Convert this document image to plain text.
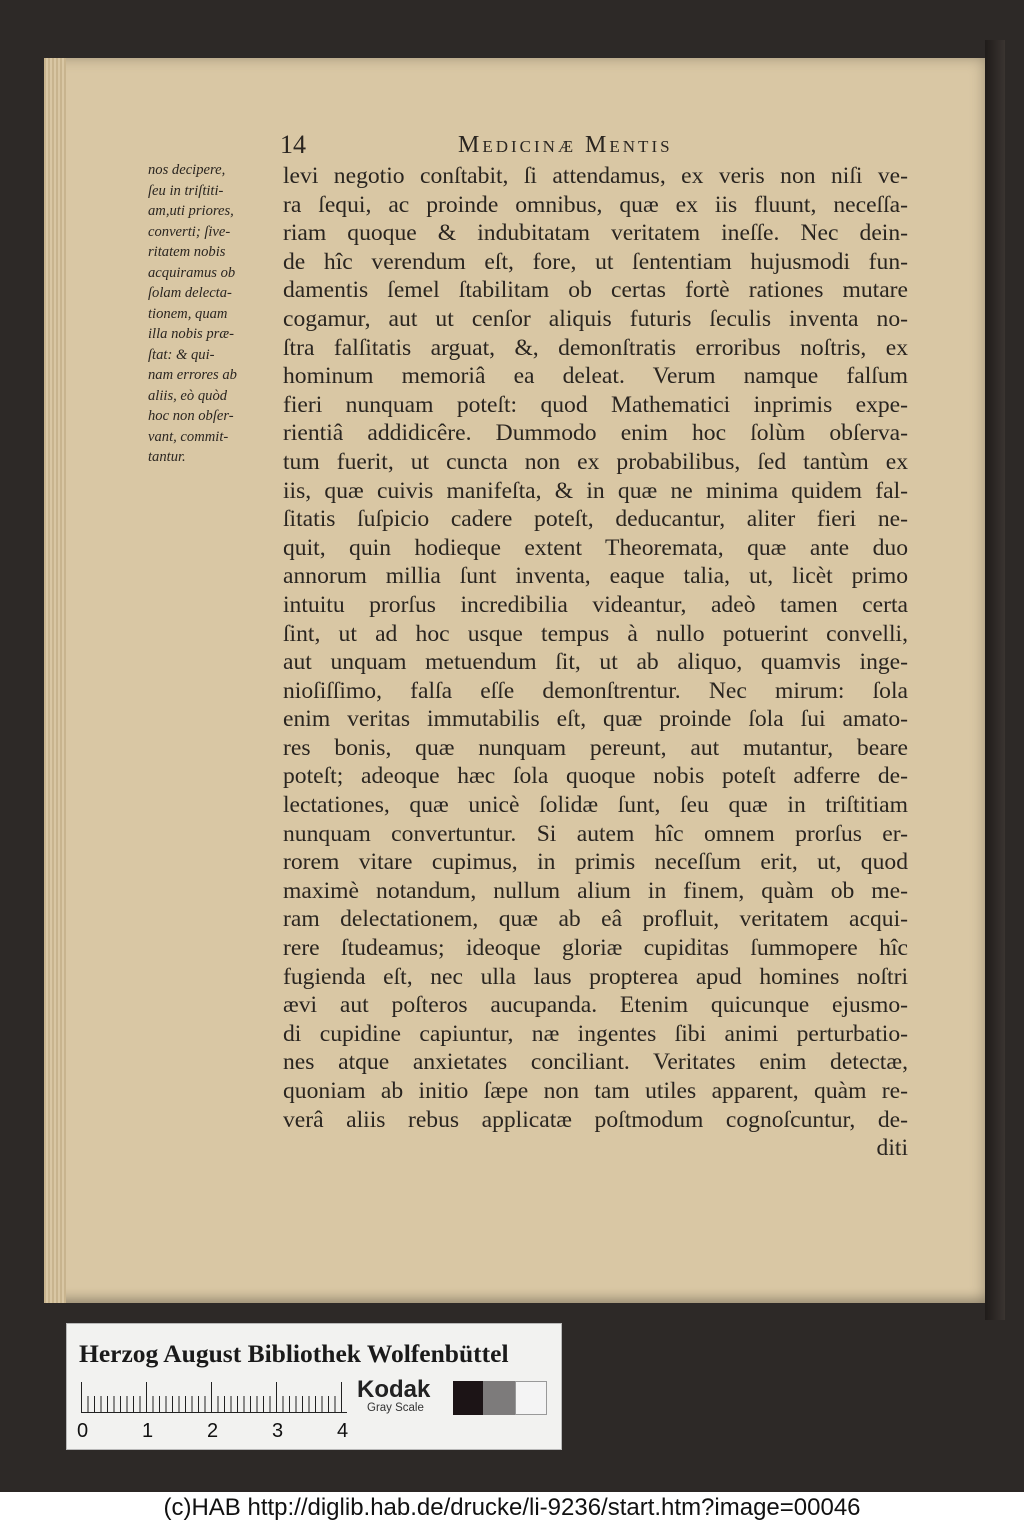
14	Medicinæ Mentis
nos decipere,
ſeu in triſtiti-
am,uti priores,
converti; ſive-
ritatem nobis
acquiramus ob
ſolam delecta-
tionem, quam
illa nobis præ-
ſtat: & qui-
nam errores ab
aliis, eò quòd
hoc non obſer-
vant, commit-
tantur.
levi negotio conſtabit, ſi attendamus, ex veris non niſi ve-
ra ſequi, ac proinde omnibus, quæ ex iis fluunt, neceſſa-
riam quoque & indubitatam veritatem ineſſe. Nec dein-
de hîc verendum eſt, fore, ut ſententiam hujusmodi fun-
damentis ſemel ſtabilitam ob certas fortè rationes mutare
cogamur, aut ut cenſor aliquis futuris ſeculis inventa no-
ſtra falſitatis arguat, &, demonſtratis erroribus noſtris, ex
hominum memoriâ ea deleat. Verum namque falſum
fieri nunquam poteſt: quod Mathematici inprimis expe-
rientiâ addidicêre. Dummodo enim hoc ſolùm obſerva-
tum fuerit, ut cuncta non ex probabilibus, ſed tantùm ex
iis, quæ cuivis manifeſta, & in quæ ne minima quidem fal-
ſitatis ſuſpicio cadere poteſt, deducantur, aliter fieri ne-
quit, quin hodieque extent Theoremata, quæ ante duo
annorum millia ſunt inventa, eaque talia, ut, licèt primo
intuitu prorſus incredibilia videantur, adeò tamen certa
ſint, ut ad hoc usque tempus à nullo potuerint convelli,
aut unquam metuendum ſit, ut ab aliquo, quamvis inge-
nioſiſſimo, falſa eſſe demonſtrentur. Nec mirum: ſola
enim veritas immutabilis eſt, quæ proinde ſola ſui amato-
res bonis, quæ nunquam pereunt, aut mutantur, beare
poteſt; adeoque hæc ſola quoque nobis poteſt adferre de-
lectationes, quæ unicè ſolidæ ſunt, ſeu quæ in triſtitiam
nunquam convertuntur. Si autem hîc omnem prorſus er-
rorem vitare cupimus, in primis neceſſum erit, ut, quod
maximè notandum, nullum alium in finem, quàm ob me-
ram delectationem, quæ ab eâ profluit, veritatem acqui-
rere ſtudeamus; ideoque gloriæ cupiditas ſummopere hîc
fugienda eſt, nec ulla laus propterea apud homines noſtri
ævi aut poſteros aucupanda. Etenim quicunque ejusmo-
di cupidine capiuntur, næ ingentes ſibi animi perturbatio-
nes atque anxietates conciliant. Veritates enim detectæ,
quoniam ab initio ſæpe non tam utiles apparent, quàm re-
verâ aliis rebus applicatæ poſtmodum cognoſcuntur, de-
diti
Herzog August Bibliothek Wolfenbüttel
0	1	2	3	4
Kodak
Gray Scale
(c)HAB http://diglib.hab.de/drucke/li-9236/start.htm?image=00046
